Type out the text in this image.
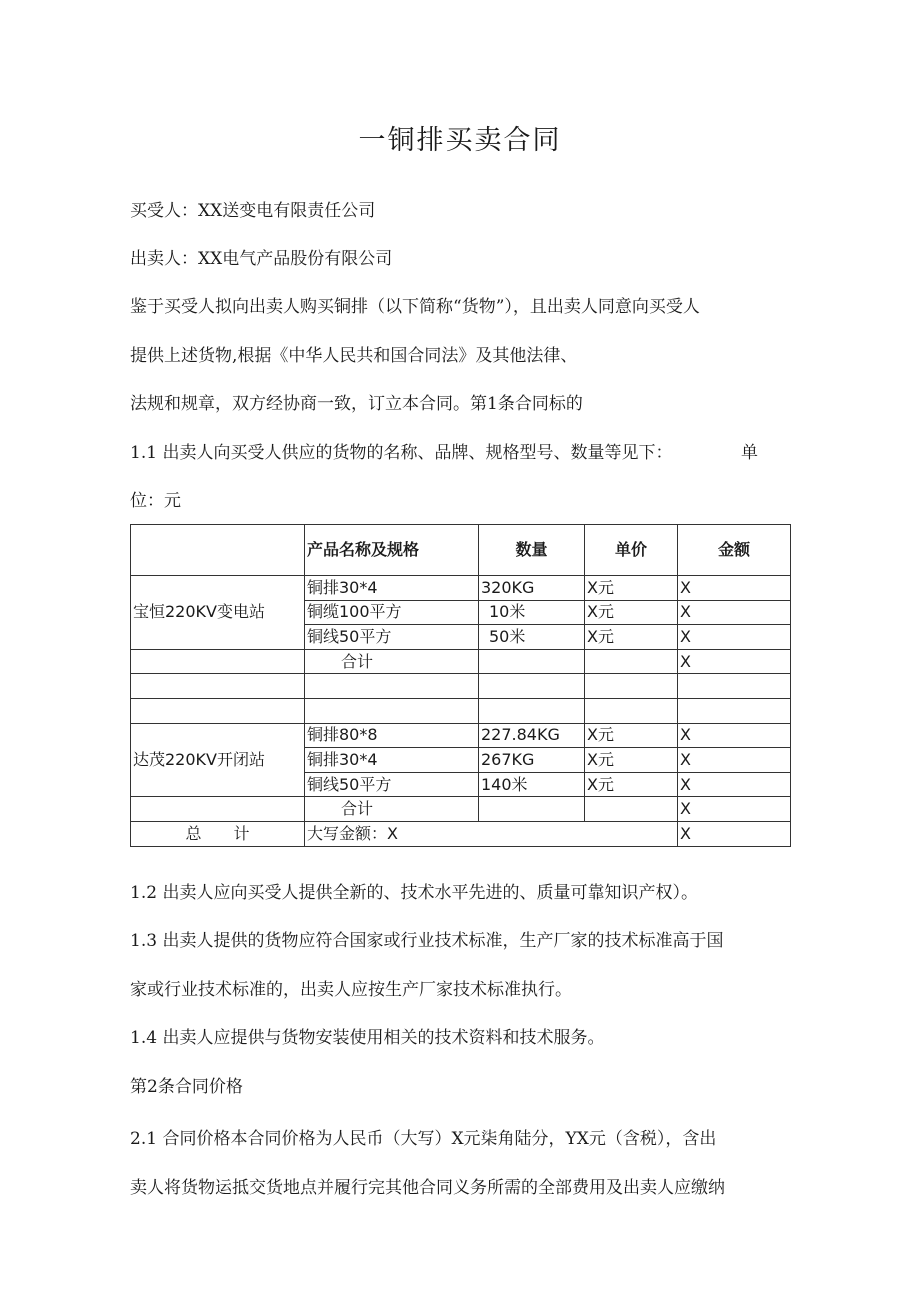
一铜排买卖合同

买受人：XX送变电有限责任公司

出卖人：XX电气产品股份有限公司

鉴于买受人拟向出卖人购买铜排（以下简称“货物”），且出卖人同意向买受人

提供上述货物,根据《中华人民共和国合同法》及其他法律、

法规和规章，双方经协商一致，订立本合同。第1条合同标的

1.1 出卖人向买受人供应的货物的名称、品牌、规格型号、数量等见下：	单

位：元

	产品名称及规格	数量	单价	金额
宝恒220KV变电站	铜排30*4	320KG	X元	X
	铜缆100平方	10米	X元	X
	铜线50平方	50米	X元	X
	合计			X

达茂220KV开闭站	铜排80*8	227.84KG	X元	X
	铜排30*4	267KG	X元	X
	铜线50平方	140米	X元	X
	合计			X
总　　计	大写金额：X			X

1.2 出卖人应向买受人提供全新的、技术水平先进的、质量可靠知识产权）。

1.3 出卖人提供的货物应符合国家或行业技术标准，生产厂家的技术标准高于国

家或行业技术标准的，出卖人应按生产厂家技术标准执行。

1.4 出卖人应提供与货物安装使用相关的技术资料和技术服务。

第2条合同价格

2.1 合同价格本合同价格为人民币（大写）X元柒角陆分，YX元（含税），含出

卖人将货物运抵交货地点并履行完其他合同义务所需的全部费用及出卖人应缴纳
